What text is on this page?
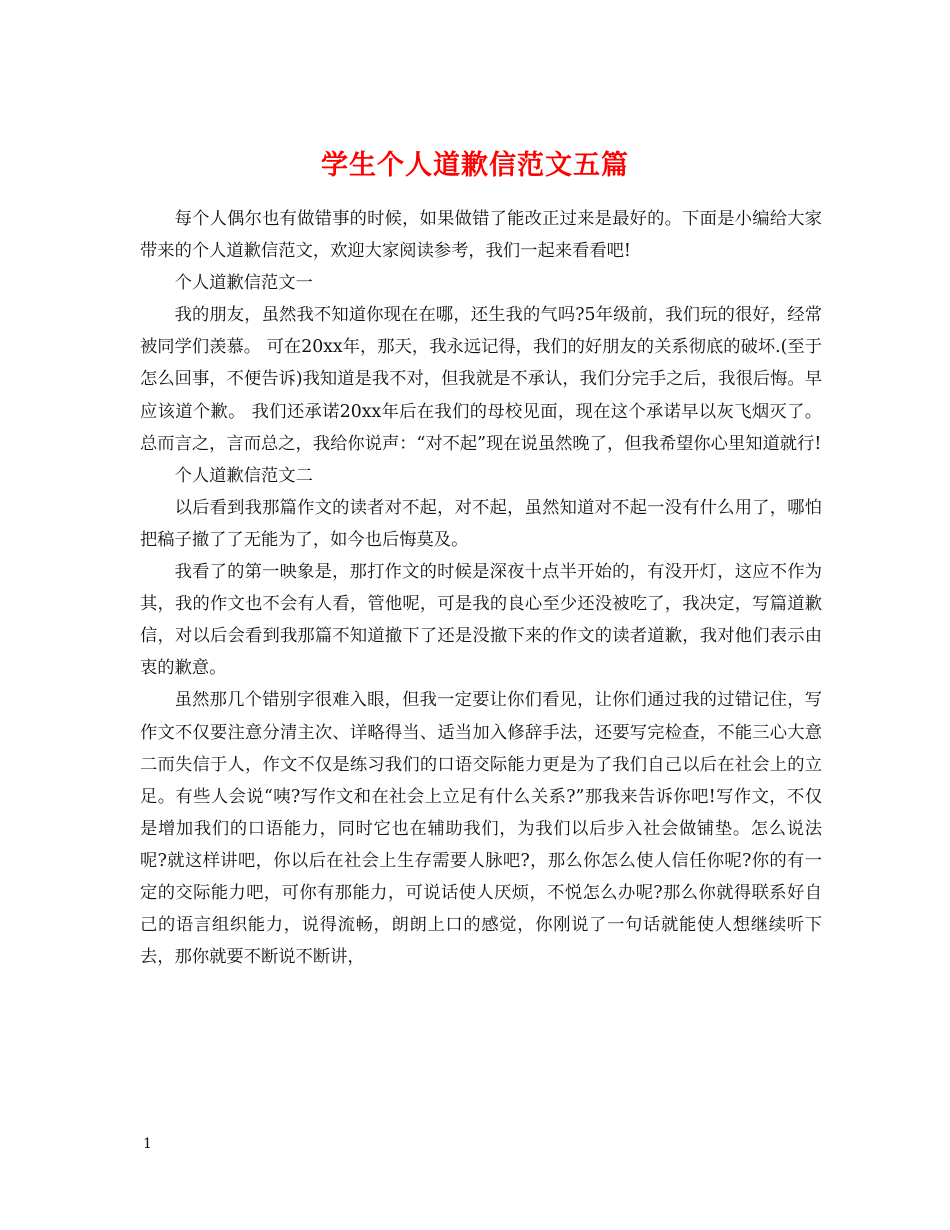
学生个人道歉信范文五篇

每个人偶尔也有做错事的时候，如果做错了能改正过来是最好的。下面是小编给大家带来的个人道歉信范文，欢迎大家阅读参考，我们一起来看看吧!

个人道歉信范文一

我的朋友，虽然我不知道你现在在哪，还生我的气吗?5年级前，我们玩的很好，经常被同学们羡慕。 可在20xx年，那天，我永远记得，我们的好朋友的关系彻底的破坏.(至于怎么回事，不便告诉)我知道是我不对，但我就是不承认，我们分完手之后，我很后悔。早应该道个歉。 我们还承诺20xx年后在我们的母校见面，现在这个承诺早以灰飞烟灭了。 总而言之，言而总之，我给你说声：“对不起”现在说虽然晚了，但我希望你心里知道就行!

个人道歉信范文二

以后看到我那篇作文的读者对不起，对不起，虽然知道对不起一没有什么用了，哪怕把稿子撤了了无能为了，如今也后悔莫及。

我看了的第一映象是，那打作文的时候是深夜十点半开始的，有没开灯，这应不作为其，我的作文也不会有人看，管他呢，可是我的良心至少还没被吃了，我决定，写篇道歉信，对以后会看到我那篇不知道撤下了还是没撤下来的作文的读者道歉，我对他们表示由衷的歉意。

虽然那几个错别字很难入眼，但我一定要让你们看见，让你们通过我的过错记住，写作文不仅要注意分清主次、详略得当、适当加入修辞手法，还要写完检查，不能三心大意二而失信于人，作文不仅是练习我们的口语交际能力更是为了我们自己以后在社会上的立足。有些人会说“咦?写作文和在社会上立足有什么关系?”那我来告诉你吧!写作文，不仅是增加我们的口语能力，同时它也在辅助我们，为我们以后步入社会做铺垫。怎么说法呢?就这样讲吧，你以后在社会上生存需要人脉吧?，那么你怎么使人信任你呢?你的有一定的交际能力吧，可你有那能力，可说话使人厌烦，不悦怎么办呢?那么你就得联系好自己的语言组织能力，说得流畅，朗朗上口的感觉，你刚说了一句话就能使人想继续听下去，那你就要不断说不断讲，

1
